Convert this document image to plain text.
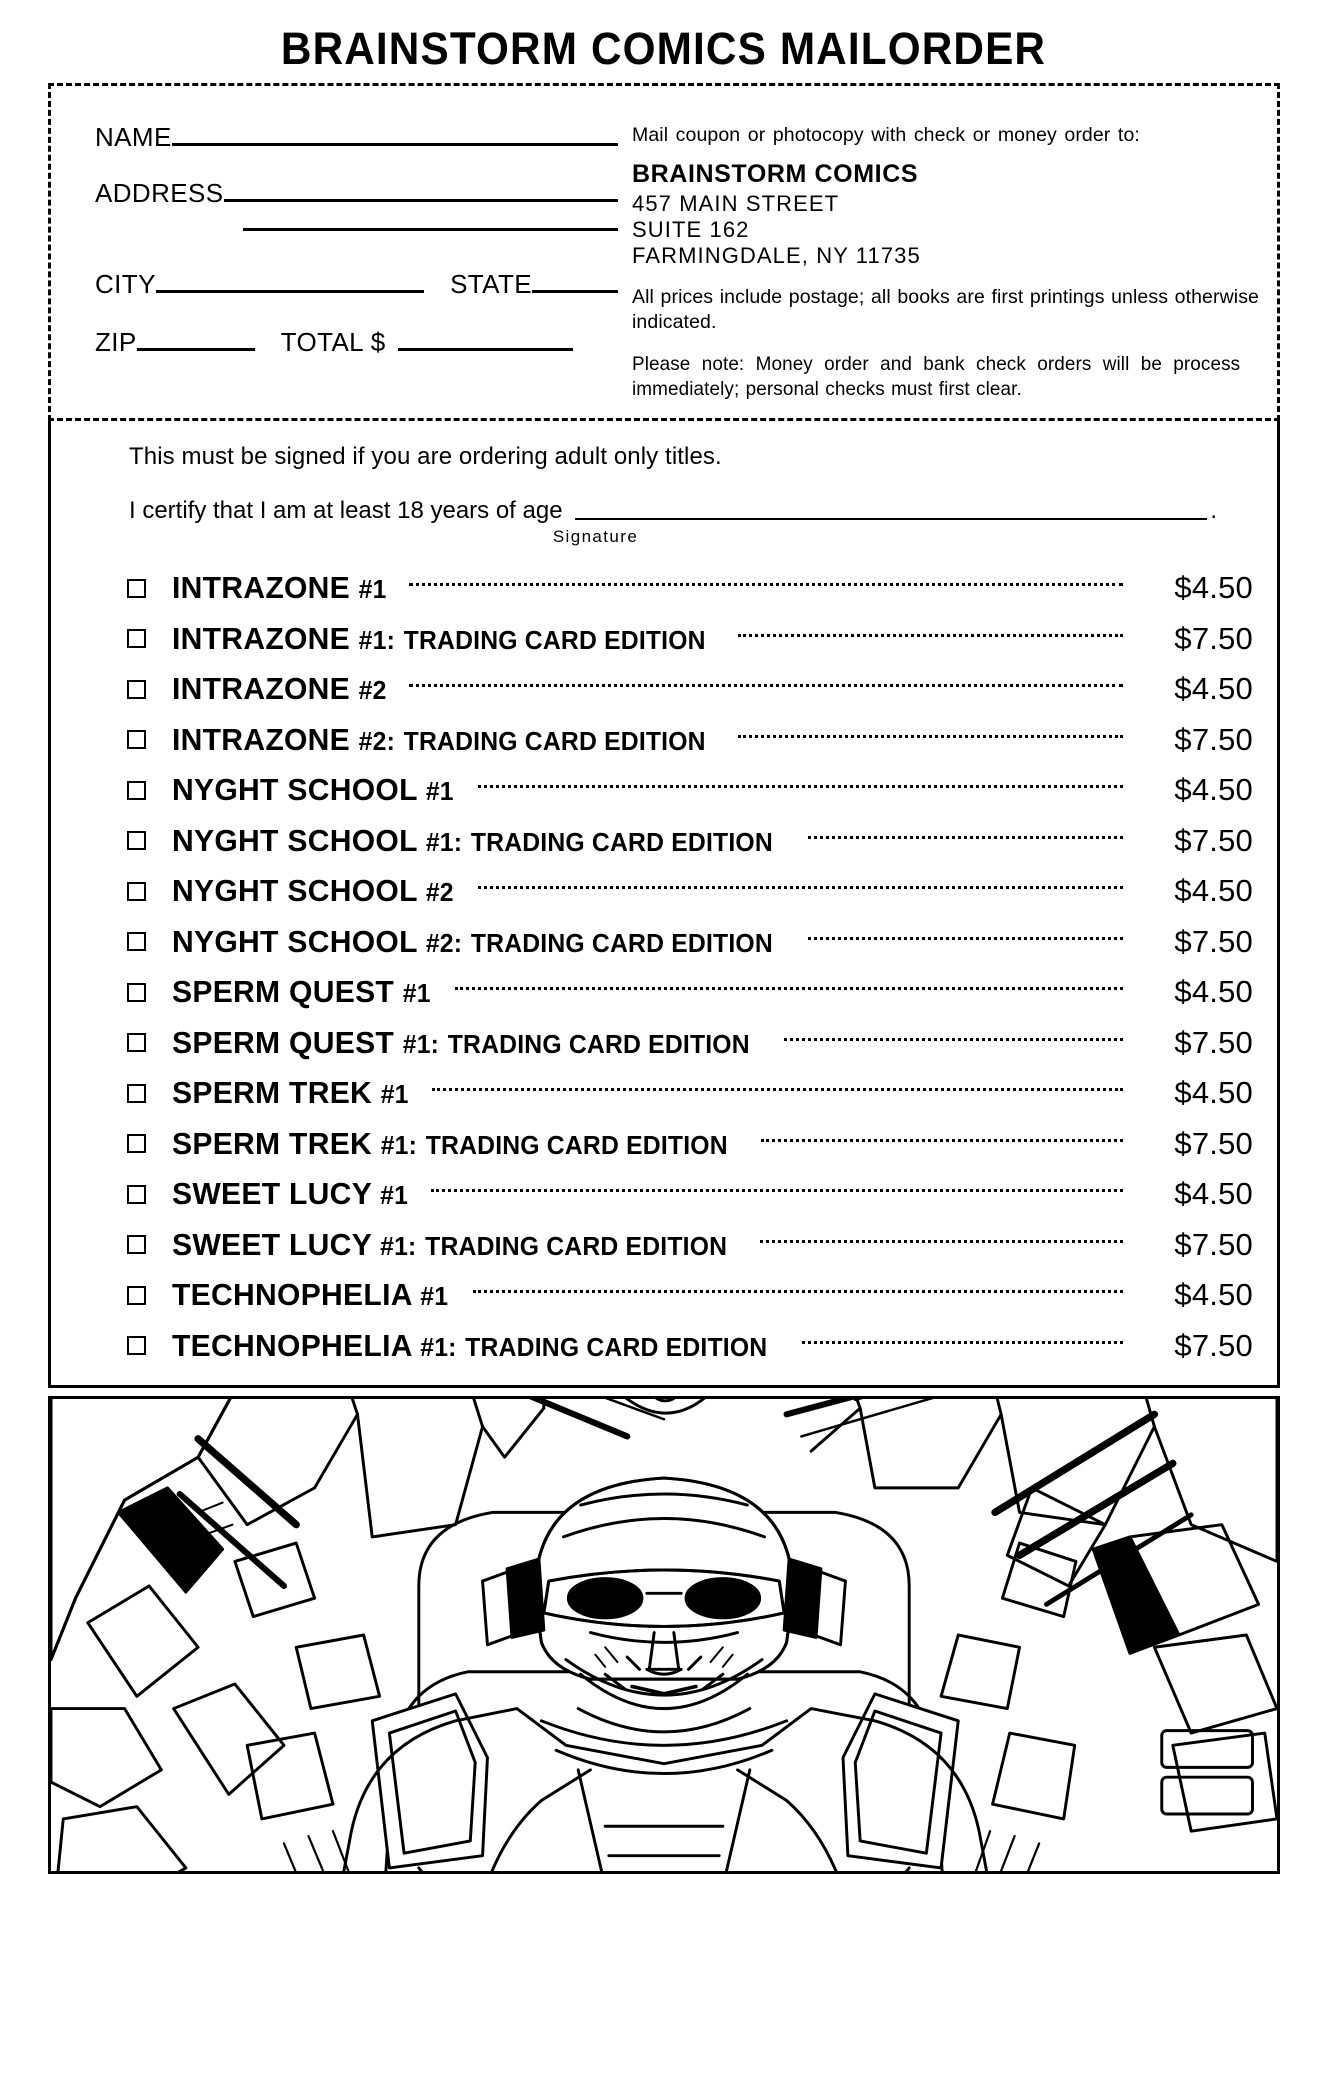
BRAINSTORM COMICS MAILORDER
NAME
ADDRESS
CITY	STATE
ZIP	TOTAL $
Mail coupon or photocopy with check or money order to:
BRAINSTORM COMICS
457 MAIN STREET
SUITE 162
FARMINGDALE, NY 11735
All prices include postage; all books are first printings unless otherwise indicated.
Please note: Money order and bank check orders will be process immediately; personal checks must first clear.
This must be signed if you are ordering adult only titles.
I certify that I am at least 18 years of age	.
Signature
INTRAZONE #1	$4.50
INTRAZONE #1: TRADING CARD EDITION	$7.50
INTRAZONE #2	$4.50
INTRAZONE #2: TRADING CARD EDITION	$7.50
NYGHT SCHOOL #1	$4.50
NYGHT SCHOOL #1: TRADING CARD EDITION	$7.50
NYGHT SCHOOL #2	$4.50
NYGHT SCHOOL #2: TRADING CARD EDITION	$7.50
SPERM QUEST #1	$4.50
SPERM QUEST #1: TRADING CARD EDITION	$7.50
SPERM TREK #1	$4.50
SPERM TREK #1: TRADING CARD EDITION	$7.50
SWEET LUCY #1	$4.50
SWEET LUCY #1: TRADING CARD EDITION	$7.50
TECHNOPHELIA #1	$4.50
TECHNOPHELIA #1: TRADING CARD EDITION	$7.50
